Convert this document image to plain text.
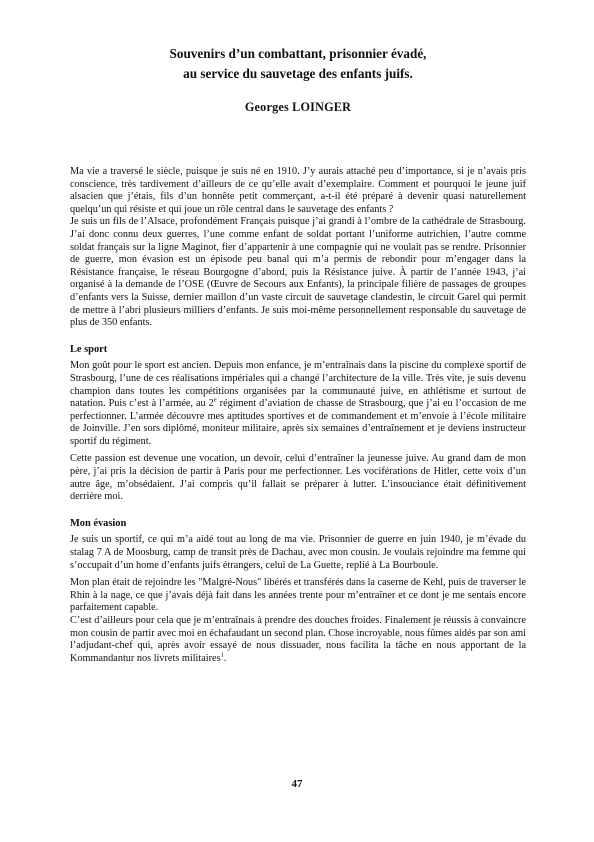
Souvenirs d’un combattant, prisonnier évadé,
au service du sauvetage des enfants juifs.
Georges LOINGER

Ma vie a traversé le siècle, puisque je suis né en 1910. J’y aurais attaché peu d’importance, si je n’avais pris conscience, très tardivement d’ailleurs de ce qu’elle avait d’exemplaire. Comment et pourquoi le jeune juif alsacien que j’étais, fils d’un honnête petit commerçant, a-t-il été préparé à devenir quasi naturellement quelqu’un qui résiste et qui joue un rôle central dans le sauvetage des enfants ?

Je suis un fils de l’Alsace, profondément Français puisque j’ai grandi à l’ombre de la cathédrale de Strasbourg. J’ai donc connu deux guerres, l’une comme enfant de soldat portant l’uniforme autrichien, l’autre comme soldat français sur la ligne Maginot, fier d’appartenir à une compagnie qui ne voulait pas se rendre. Prisonnier de guerre, mon évasion est un épisode peu banal qui m’a permis de rebondir pour m’engager dans la Résistance française, le réseau Bourgogne d’abord, puis la Résistance juive. À partir de l’année 1943, j’ai organisé à la demande de l’OSE (Œuvre de Secours aux Enfants), la principale filière de passages de groupes d’enfants vers la Suisse, dernier maillon d’un vaste circuit de sauvetage clandestin, le circuit Garel qui permit de mettre à l’abri plusieurs milliers d’enfants. Je suis moi-même personnellement responsable du sauvetage de plus de 350 enfants.

Le sport

Mon goût pour le sport est ancien. Depuis mon enfance, je m’entraînais dans la piscine du complexe sportif de Strasbourg, l’une de ces réalisations impériales qui a changé l’architecture de la ville. Très vite, je suis devenu champion dans toutes les compétitions organisées par la communauté juive, en athlétisme et surtout de natation. Puis c’est à l’armée, au 2e régiment d’aviation de chasse de Strasbourg, que j’ai eu l’occasion de me perfectionner. L’armée découvre mes aptitudes sportives et de commandement et m’envoie à l’école militaire de Joinville. J’en sors diplômé, moniteur militaire, après six semaines d’entraînement et je deviens instructeur sportif du régiment.

Cette passion est devenue une vocation, un devoir, celui d’entraîner la jeunesse juive. Au grand dam de mon père, j’ai pris la décision de partir à Paris pour me perfectionner. Les vociférations de Hitler, cette voix d’un autre âge, m’obsédaient. J’ai compris qu’il fallait se préparer à lutter. L’insouciance était définitivement derrière moi.

Mon évasion

Je suis un sportif, ce qui m’a aidé tout au long de ma vie. Prisonnier de guerre en juin 1940, je m’évade du stalag 7 A de Moosburg, camp de transit près de Dachau, avec mon cousin. Je voulais rejoindre ma femme qui s’occupait d’un home d’enfants juifs étrangers, celui de La Guette, replié à La Bourboule.

Mon plan était de rejoindre les "Malgré-Nous" libérés et transférés dans la caserne de Kehl, puis de traverser le Rhin à la nage, ce que j’avais déjà fait dans les années trente pour m’entraîner et ce dont je me sentais encore parfaitement capable.

C’est d’ailleurs pour cela que je m’entraînais à prendre des douches froides. Finalement je réussis à convaincre mon cousin de partir avec moi en échafaudant un second plan. Chose incroyable, nous fûmes aidés par son ami l’adjudant-chef qui, après avoir essayé de nous dissuader, nous facilita la tâche en nous apportant de la Kommandantur nos livrets militaires$^1$.

47
